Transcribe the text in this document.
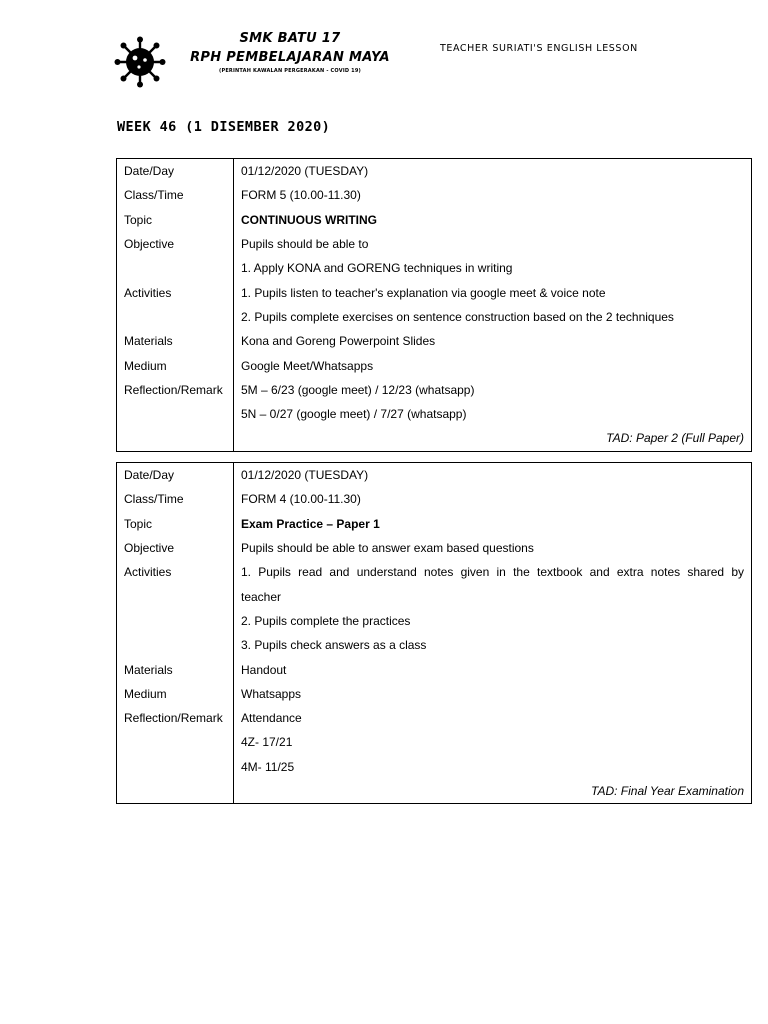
SMK BATU 17
RPH PEMBELAJARAN MAYA
(PERINTAH KAWALAN PERGERAKAN - COVID 19)
TEACHER SURIATI'S ENGLISH LESSON
WEEK 46 (1 DISEMBER 2020)
Date/Day	01/12/2020 (TUESDAY)
Class/Time	FORM 5 (10.00-11.30)
Topic	CONTINUOUS WRITING
Objective	Pupils should be able to
	1. Apply KONA and GORENG techniques in writing
Activities	1. Pupils listen to teacher's explanation via google meet & voice note
	2. Pupils complete exercises on sentence construction based on the 2 techniques
Materials	Kona and Goreng Powerpoint Slides
Medium	Google Meet/Whatsapps
Reflection/Remark	5M – 6/23 (google meet) / 12/23 (whatsapp)
	5N – 0/27 (google meet) / 7/27 (whatsapp)
	TAD: Paper 2 (Full Paper)
Date/Day	01/12/2020 (TUESDAY)
Class/Time	FORM 4 (10.00-11.30)
Topic	Exam Practice – Paper 1
Objective	Pupils should be able to answer exam based questions
Activities	1. Pupils read and understand notes given in the textbook and extra notes shared by
	teacher
	2. Pupils complete the practices
	3. Pupils check answers as a class
Materials	Handout
Medium	Whatsapps
Reflection/Remark	Attendance
	4Z- 17/21
	4M- 11/25
	TAD: Final Year Examination
